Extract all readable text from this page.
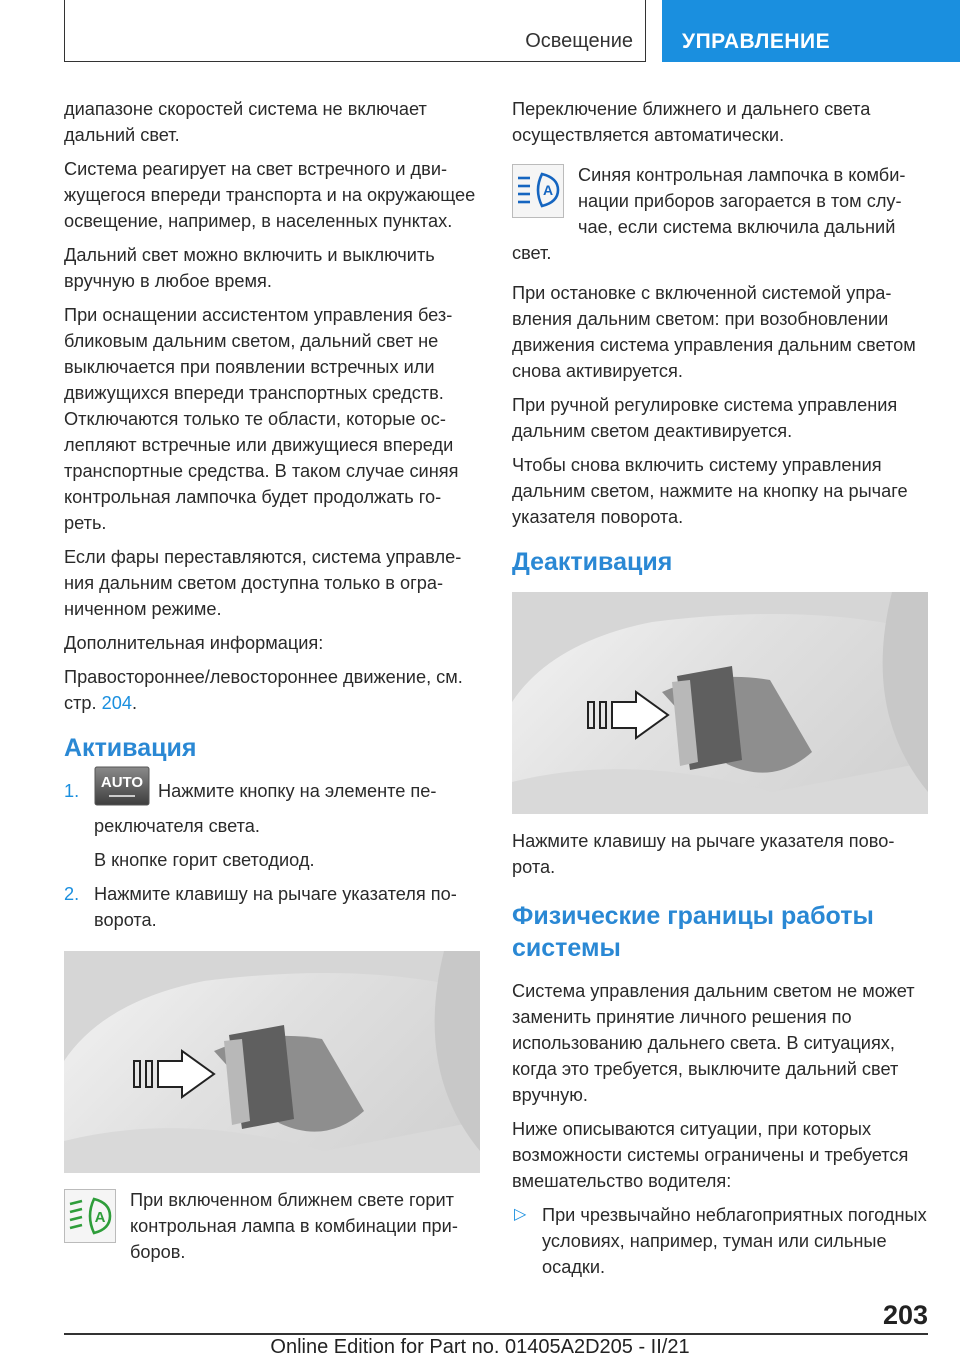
Освещение УПРАВЛЕНИЕ

диапазоне скоростей система не включает дальний свет.

Система реагирует на свет встречного и движущегося впереди транспорта и на окружающее освещение, например, в населенных пунктах.

Дальний свет можно включить и выключить вручную в любое время.

При оснащении ассистентом управления безбликовым дальним светом, дальний свет не выключается при появлении встречных или движущихся впереди транспортных средств. Отключаются только те области, которые ослепляют встречные или движущиеся впереди транспортные средства. В таком случае синяя контрольная лампочка будет продолжать гореть.

Если фары переставляются, система управления дальним светом доступна только в ограниченном режиме.

Дополнительная информация:

Правостороннее/левостороннее движение, см. стр. 204.

Активация
1.	AUTO Нажмите кнопку на элементе переключателя света.
В кнопке горит светодиод.
2. Нажмите клавишу на рычаге указателя поворота.
A
При включенном ближнем свете горит контрольная лампа в комбинации приборов.

Переключение ближнего и дальнего света осуществляется автоматически.

A
Синяя контрольная лампочка в комбинации приборов загорается в том случае, если система включила дальний
свет.

При остановке с включенной системой управления дальним светом: при возобновлении движения система управления дальним светом снова активируется.

При ручной регулировке система управления дальним светом деактивируется.

Чтобы снова включить систему управления дальним светом, нажмите на кнопку на рычаге указателя поворота.

Деактивация

Нажмите клавишу на рычаге указателя поворота.

Физические границы работы системы

Система управления дальним светом не может заменить принятие личного решения по использованию дальнего света. В ситуациях, когда это требуется, выключите дальний свет вручную.

Ниже описываются ситуации, при которых возможности системы ограничены и требуется вмешательство водителя:

▷ При чрезвычайно неблагоприятных погодных условиях, например, туман или сильные осадки.
203
Online Edition for Part no. 01405A2D205 - II/21
